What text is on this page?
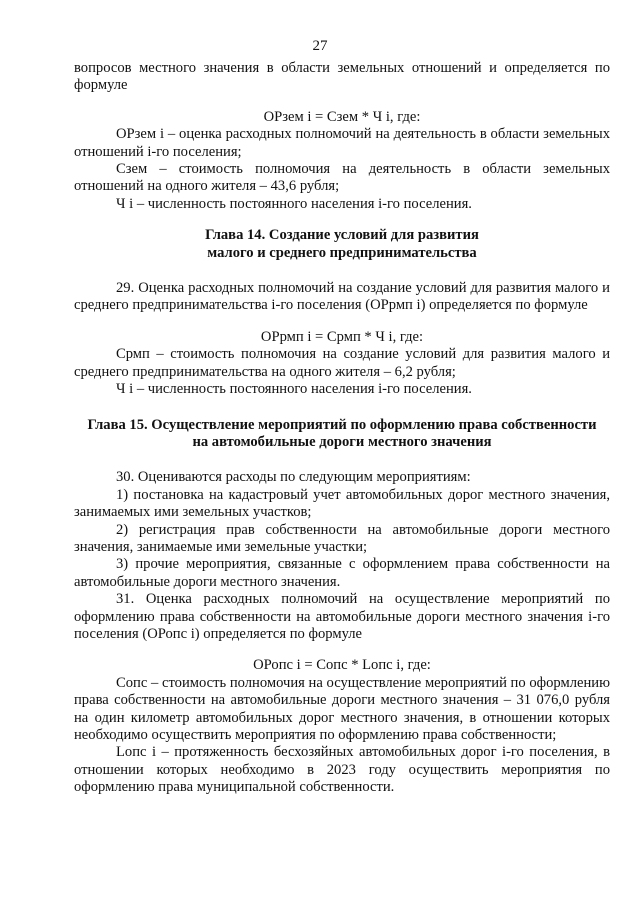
27

вопросов местного значения в области земельных отношений и определяется по формуле

ОРзем i = Сзем * Ч i, где:

ОРзем i – оценка расходных полномочий на деятельность в области земельных отношений i-го поселения;

Сзем – стоимость полномочия на деятельность в области земельных отношений на одного жителя – 43,6 рубля;

Ч i – численность постоянного населения i-го поселения.

Глава 14. Создание условий для развития

малого и среднего предпринимательства

29. Оценка расходных полномочий на создание условий для развития малого и среднего предпринимательства i-го поселения (ОРрмп i) определяется по формуле

ОРрмп i = Срмп * Ч i, где:

Срмп – стоимость полномочия на создание условий для развития малого и среднего предпринимательства на одного жителя – 6,2 рубля;

Ч i – численность постоянного населения i-го поселения.

Глава 15. Осуществление мероприятий по оформлению права собственности

на автомобильные дороги местного значения

30. Оцениваются расходы по следующим мероприятиям:

1) постановка на кадастровый учет автомобильных дорог местного значения, занимаемых ими земельных участков;

2) регистрация прав собственности на автомобильные дороги местного значения, занимаемые ими земельные участки;

3) прочие мероприятия, связанные с оформлением права собственности на автомобильные дороги местного значения.

31. Оценка расходных полномочий на осуществление мероприятий по оформлению права собственности на автомобильные дороги местного значения i-го поселения (ОРопс i) определяется по формуле

ОРопс i = Сопс * Lопс i, где:

Сопс – стоимость полномочия на осуществление мероприятий по оформлению права собственности на автомобильные дороги местного значения – 31 076,0 рубля на один километр автомобильных дорог местного значения, в отношении которых необходимо осуществить мероприятия по оформлению права собственности;

Lопс i – протяженность бесхозяйных автомобильных дорог i-го поселения, в отношении которых необходимо в 2023 году осуществить мероприятия по оформлению права муниципальной собственности.
